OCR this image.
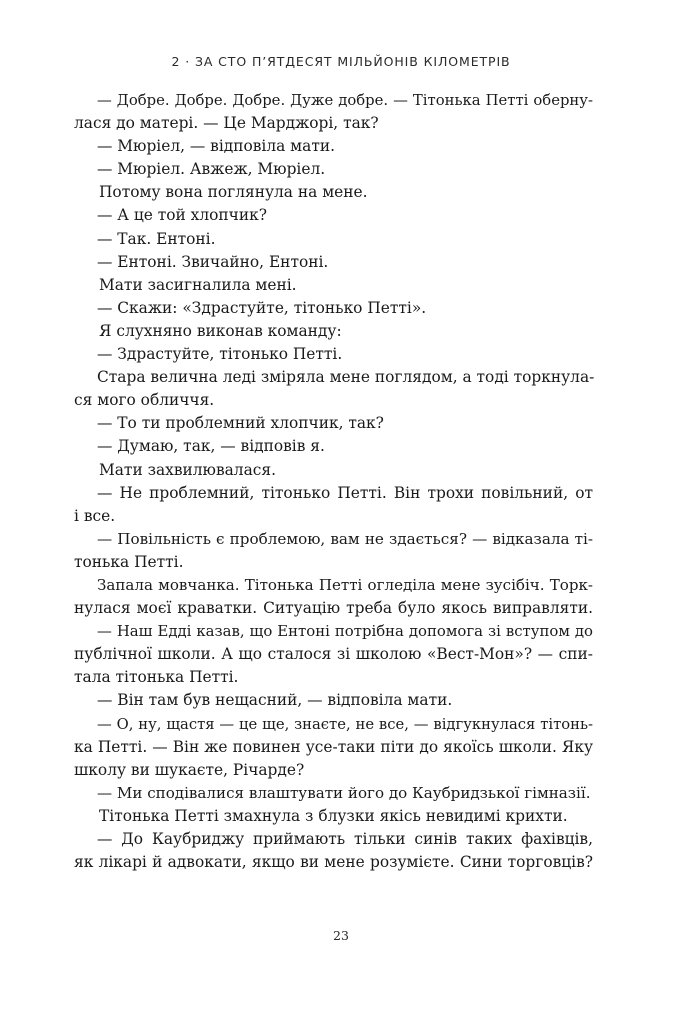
2 · ЗА СТО П’ЯТДЕСЯТ МІЛЬЙОНІВ КІЛОМЕТРІВ
— Добре. Добре. Добре. Дуже добре. — Тітонька Петті оберну-
лася до матері. — Це Марджорі, так?
— Мюріел, — відповіла мати.
— Мюріел. Авжеж, Мюріел.
Потому вона поглянула на мене.
— А це той хлопчик?
— Так. Ентоні.
— Ентоні. Звичайно, Ентоні.
Мати засигналила мені.
— Скажи: «Здрастуйте, тітонько Петті».
Я слухняно виконав команду:
— Здрастуйте, тітонько Петті.
Стара велична леді зміряла мене поглядом, а тоді торкнула-
ся мого обличчя.
— То ти проблемний хлопчик, так?
— Думаю, так, — відповів я.
Мати захвилювалася.
— Не проблемний, тітонько Петті. Він трохи повільний, от
і все.
— Повільність є проблемою, вам не здається? — відказала ті-
тонька Петті.
Запала мовчанка. Тітонька Петті огледіла мене зусібіч. Торк-
нулася моєї краватки. Ситуацію треба було якось виправляти.
— Наш Едді казав, що Ентоні потрібна допомога зі вступом до
публічної школи. А що сталося зі школою «Вест-Мон»? — спи-
тала тітонька Петті.
— Він там був нещасний, — відповіла мати.
— О, ну, щастя — це ще, знаєте, не все, — відгукнулася тітонь-
ка Петті. — Він же повинен усе-таки піти до якоїсь школи. Яку
школу ви шукаєте, Річарде?
— Ми сподівалися влаштувати його до Каубридзької гімназії.
Тітонька Петті змахнула з блузки якісь невидимі крихти.
— До Каубриджу приймають тільки синів таких фахівців,
як лікарі й адвокати, якщо ви мене розумієте. Сини торговців?
23
